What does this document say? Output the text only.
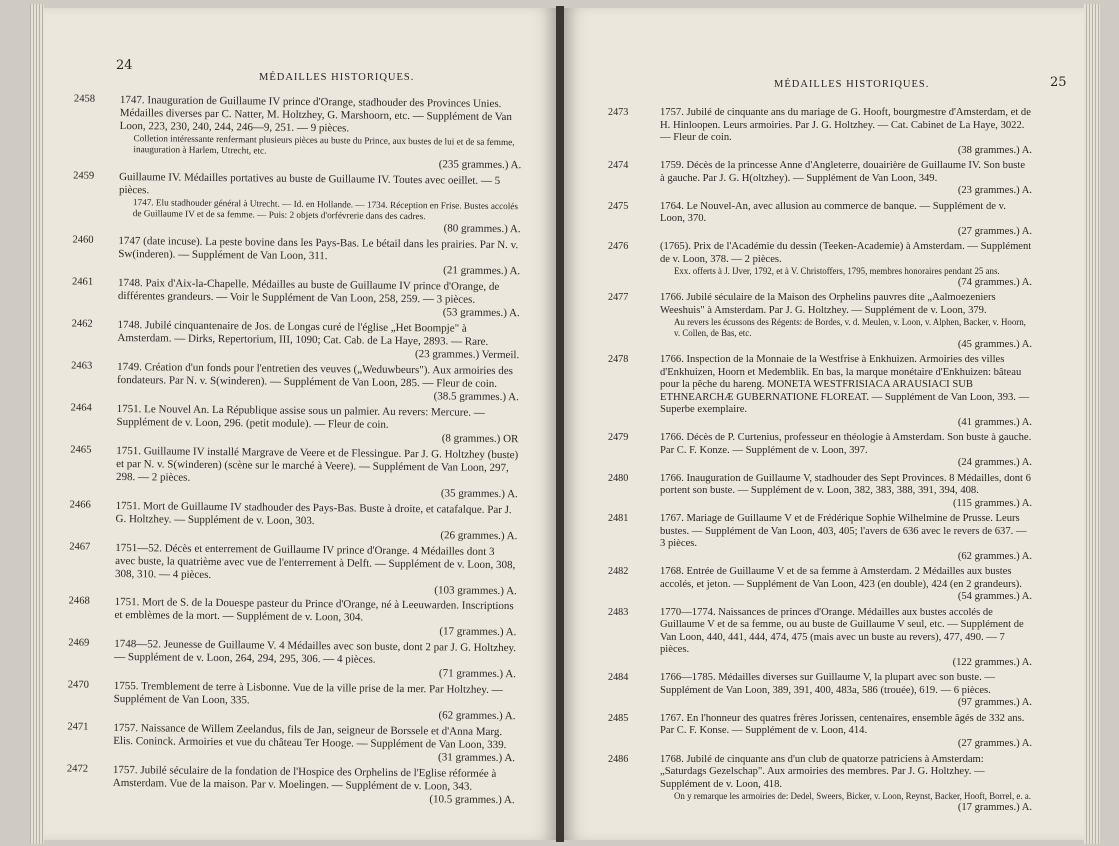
24
MÉDAILLES HISTORIQUES.
2458 1747. Inauguration de Guillaume IV prince d'Orange, stadhouder des Provinces Unies. Médailles diverses par C. Natter, M. Holtzhey, G. Marshoorn, etc. — Supplément de Van Loon, 223, 230, 240, 244, 246—9, 251. — 9 pièces.
Colletion intéressante renfermant plusieurs pièces au buste du Prince, aux bustes de lui et de sa femme, inauguration à Harlem, Utrecht, etc.
(235 grammes.) A.
2459 Guillaume IV. Médailles portatives au buste de Guillaume IV. Toutes avec oeillet. — 5 pièces.
1747. Elu stadhouder général à Utrecht. — Id. en Hollande. — 1734. Réception en Frise. Bustes accolés de Guillaume IV et de sa femme. — Puis: 2 objets d'orfévrerie dans des cadres.
(80 grammes.) A.
2460 1747 (date incuse). La peste bovine dans les Pays-Bas. Le bétail dans les prairies. Par N. v. Sw(inderen). — Supplément de Van Loon, 311.
(21 grammes.) A.
2461 1748. Paix d'Aix-la-Chapelle. Médailles au buste de Guillaume IV prince d'Orange, de différentes grandeurs. — Voir le Supplément de Van Loon, 258, 259. — 3 pièces.
(53 grammes.) A.
2462 1748. Jubilé cinquantenaire de Jos. de Longas curé de l'église „Het Boompje" à Amsterdam. — Dirks, Repertorium, III, 1090; Cat. Cab. de La Haye, 2893. — Rare.
(23 grammes.) Vermeil.
2463 1749. Création d'un fonds pour l'entretien des veuves („Weduwbeurs"). Aux armoiries des fondateurs. Par N. v. S(winderen). — Supplément de Van Loon, 285. — Fleur de coin.
(38.5 grammes.) A.
2464 1751. Le Nouvel An. La République assise sous un palmier. Au revers: Mercure. — Supplément de v. Loon, 296. (petit module). — Fleur de coin.
(8 grammes.) OR
2465 1751. Guillaume IV installé Margrave de Veere et de Flessingue. Par J. G. Holtzhey (buste) et par N. v. S(winderen) (scène sur le marché à Veere). — Supplément de Van Loon, 297, 298. — 2 pièces.
(35 grammes.) A.
2466 1751. Mort de Guillaume IV stadhouder des Pays-Bas. Buste à droite, et catafalque. Par J. G. Holtzhey. — Supplément de v. Loon, 303.
(26 grammes.) A.
2467 1751—52. Décès et enterrement de Guillaume IV prince d'Orange. 4 Médailles dont 3 avec buste, la quatrième avec vue de l'enterrement à Delft. — Supplément de v. Loon, 308, 308, 310. — 4 pièces.
(103 grammes.) A.
2468 1751. Mort de S. de la Douespe pasteur du Prince d'Orange, né à Leeuwarden. Inscriptions et emblèmes de la mort. — Supplément de v. Loon, 304.
(17 grammes.) A.
2469 1748—52. Jeunesse de Guillaume V. 4 Médailles avec son buste, dont 2 par J. G. Holtzhey. — Supplément de v. Loon, 264, 294, 295, 306. — 4 pièces.
(71 grammes.) A.
2470 1755. Tremblement de terre à Lisbonne. Vue de la ville prise de la mer. Par Holtzhey. — Supplément de Van Loon, 335.
(62 grammes.) A.
2471 1757. Naissance de Willem Zeelandus, fils de Jan, seigneur de Borssele et d'Anna Marg. Elis. Coninck. Armoiries et vue du château Ter Hooge. — Supplément de Van Loon, 339.
(31 grammes.) A.
2472 1757. Jubilé séculaire de la fondation de l'Hospice des Orphelins de l'Eglise réformée à Amsterdam. Vue de la maison. Par v. Moelingen. — Supplément de v. Loon, 343.
(10.5 grammes.) A.
MÉDAILLES HISTORIQUES.	25
2473	1757. Jubilé de cinquante ans du mariage de G. Hooft, bourgmestre d'Amsterdam, et de H. Hinloopen. Leurs armoiries. Par J. G. Holtzhey. — Cat. Cabinet de La Haye, 3022. — Fleur de coin.
(38 grammes.) A.
2474	1759. Décès de la princesse Anne d'Angleterre, douairière de Guillaume IV. Son buste à gauche. Par J. G. H(oltzhey). — Supplément de Van Loon, 349.
(23 grammes.) A.
2475	1764. Le Nouvel-An, avec allusion au commerce de banque. — Supplément de v. Loon, 370.
(27 grammes.) A.
2476	(1765). Prix de l'Académie du dessin (Teeken-Academie) à Amsterdam. — Supplément de v. Loon, 378. — 2 pièces.
Exx. offerts à J. IJver, 1792, et à V. Christoffers, 1795, membres honoraires pendant 25 ans.
(74 grammes.) A.
2477	1766. Jubilé séculaire de la Maison des Orphelins pauvres dite „Aalmoezeniers Weeshuis" à Amsterdam. Par J. G. Holtzhey. — Supplément de v. Loon, 379.
Au revers les écussons des Régents: de Bordes, v. d. Meulen, v. Loon, v. Alphen, Backer, v. Hoorn, v. Collen, de Bas, etc.
(45 grammes.) A.
2478	1766. Inspection de la Monnaie de la Westfrise à Enkhuizen. Armoiries des villes d'Enkhuizen, Hoorn et Medemblik. En bas, la marque monétaire d'Enkhuizen: bâteau pour la pêche du hareng. MONETA WESTFRISIACA ARAUSIACI SUB ETHNEARCHÆ GUBERNATIONE FLOREAT. — Supplément de Van Loon, 393. — Superbe exemplaire.
(41 grammes.) A.
2479	1766. Décès de P. Curtenius, professeur en théologie à Amsterdam. Son buste à gauche. Par C. F. Konze. — Supplément de v. Loon, 397.
(24 grammes.) A.
2480	1766. Inauguration de Guillaume V, stadhouder des Sept Provinces. 8 Médailles, dont 6 portent son buste. — Supplément de v. Loon, 382, 383, 388, 391, 394, 408.
(115 grammes.) A.
2481	1767. Mariage de Guillaume V et de Frédérique Sophie Wilhelmine de Prusse. Leurs bustes. — Supplément de Van Loon, 403, 405; l'avers de 636 avec le revers de 637. — 3 pièces.
(62 grammes.) A.
2482	1768. Entrée de Guillaume V et de sa femme à Amsterdam. 2 Médailles aux bustes accolés, et jeton. — Supplément de Van Loon, 423 (en double), 424 (en 2 grandeurs).
(54 grammes.) A.
2483	1770—1774. Naissances de princes d'Orange. Médailles aux bustes accolés de Guillaume V et de sa femme, ou au buste de Guillaume V seul, etc. — Supplément de Van Loon, 440, 441, 444, 474, 475 (mais avec un buste au revers), 477, 490. — 7 pièces.
(122 grammes.) A.
2484	1766—1785. Médailles diverses sur Guillaume V, la plupart avec son buste. — Supplément de Van Loon, 389, 391, 400, 483a, 586 (trouée), 619. — 6 pièces.
(97 grammes.) A.
2485	1767. En l'honneur des quatres frères Jorissen, centenaires, ensemble âgés de 332 ans. Par C. F. Konse. — Supplément de v. Loon, 414.
(27 grammes.) A.
2486	1768. Jubilé de cinquante ans d'un club de quatorze patriciens à Amsterdam: „Saturdags Gezelschap". Aux armoiries des membres. Par J. G. Holtzhey. — Supplément de v. Loon, 418.
On y remarque les armoiries de: Dedel, Sweers, Bicker, v. Loon, Reynst, Backer, Hooft, Borrel, e. a.
(17 grammes.) A.
